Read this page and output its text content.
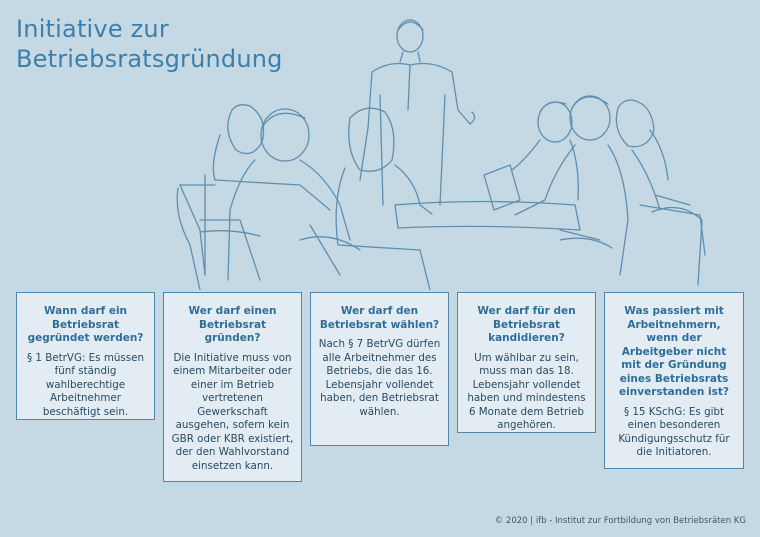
Initiative zur
Betriebsratsgründung
Wann darf ein Betriebsrat gegründet werden?
§ 1 BetrVG: Es müssen fünf ständig wahlberechtige Arbeitnehmer beschäftigt sein.
Wer darf einen Betriebsrat gründen?
Die Initiative muss von einem Mitarbeiter oder einer im Betrieb vertretenen Gewerkschaft ausgehen, sofern kein GBR oder KBR existiert, der den Wahlvorstand einsetzen kann.
Wer darf den Betriebsrat wählen?
Nach § 7 BetrVG dürfen alle Arbeitnehmer des Betriebs, die das 16. Lebensjahr vollendet haben, den Betriebsrat wählen.
Wer darf für den Betriebsrat kandidieren?
Um wählbar zu sein, muss man das 18. Lebensjahr vollendet haben und mindestens 6 Monate dem Betrieb angehören.
Was passiert mit Arbeitnehmern, wenn der Arbeitgeber nicht mit der Gründung eines Betriebsrats einverstanden ist?
§ 15 KSchG: Es gibt einen besonderen Kündigungsschutz für die Initiatoren.
© 2020 | ifb - Institut zur Fortbildung von Betriebsräten KG
